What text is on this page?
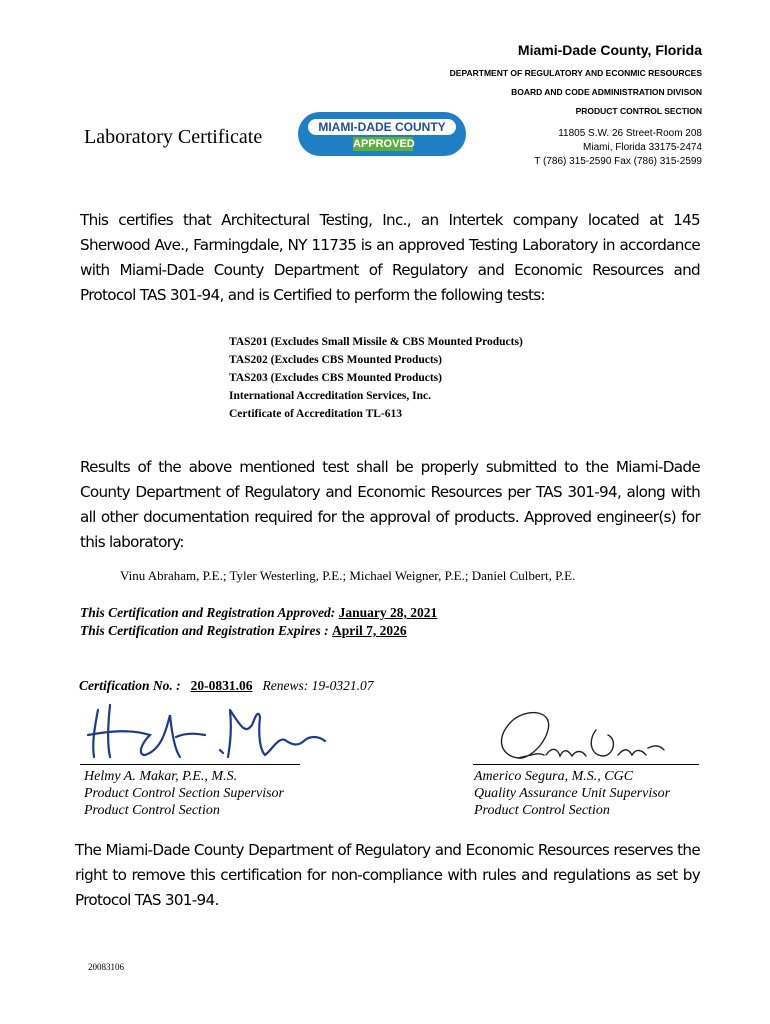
Miami-Dade County, Florida
DEPARTMENT OF REGULATORY AND ECONMIC RESOURCES
BOARD AND CODE ADMINISTRATION DIVISON
PRODUCT CONTROL SECTION
11805 S.W. 26 Street-Room 208
Miami, Florida 33175-2474
T (786) 315-2590 Fax (786) 315-2599
Laboratory Certificate	MIAMI-DADE COUNTY
APPROVED
This certifies that Architectural Testing, Inc., an Intertek company located at 145 Sherwood Ave., Farmingdale, NY 11735 is an approved Testing Laboratory in accordance with Miami-Dade County Department of Regulatory and Economic Resources and Protocol TAS 301-94, and is Certified to perform the following tests:
TAS201 (Excludes Small Missile & CBS Mounted Products)
TAS202 (Excludes CBS Mounted Products)
TAS203 (Excludes CBS Mounted Products)
International Accreditation Services, Inc.
Certificate of Accreditation TL-613
Results of the above mentioned test shall be properly submitted to the Miami-Dade County Department of Regulatory and Economic Resources per TAS 301-94, along with all other documentation required for the approval of products. Approved engineer(s) for this laboratory:
Vinu Abraham, P.E.; Tyler Westerling, P.E.; Michael Weigner, P.E.; Daniel Culbert, P.E.
This Certification and Registration Approved: January 28, 2021
This Certification and Registration Expires : April 7, 2026
Certification No. : 20-0831.06 Renews: 19-0321.07
Helmy A. Makar, P.E., M.S.
Product Control Section Supervisor
Product Control Section
Americo Segura, M.S., CGC
Quality Assurance Unit Supervisor
Product Control Section
The Miami-Dade County Department of Regulatory and Economic Resources reserves the right to remove this certification for non-compliance with rules and regulations as set by Protocol TAS 301-94.
20083106
